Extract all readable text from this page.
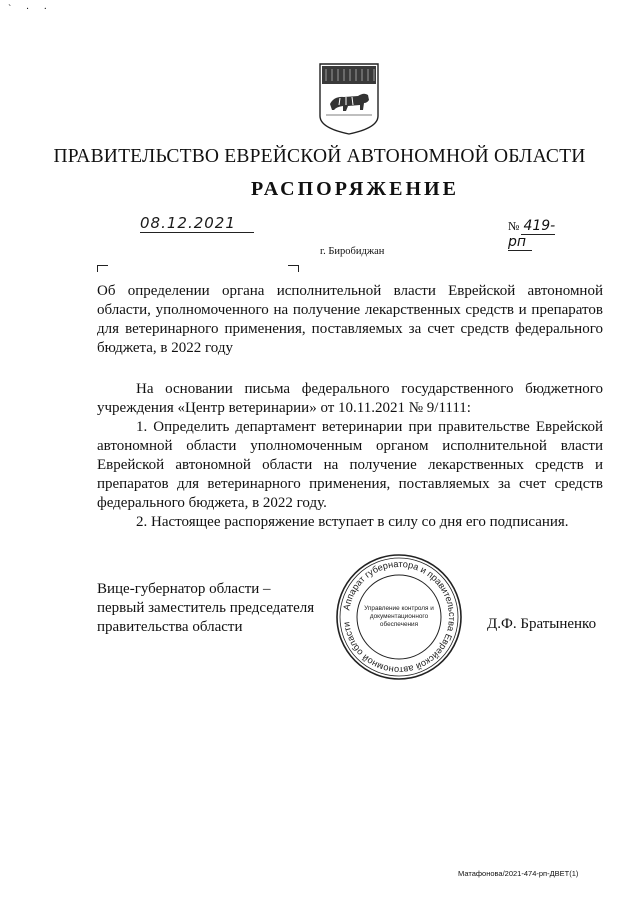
` · ·
ПРАВИТЕЛЬСТВО ЕВРЕЙСКОЙ АВТОНОМНОЙ ОБЛАСТИ
РАСПОРЯЖЕНИЕ
08.12.2021	№ 419-рп
г. Биробиджан
Об определении органа исполнительной власти Еврейской автономной области, уполномоченного на получение лекарственных средств и препаратов для ветеринарного применения, поставляемых за счет средств федерального бюджета, в 2022 году

На основании письма федерального государственного бюджетного учреждения «Центр ветеринарии» от 10.11.2021 № 9/1111:

1. Определить департамент ветеринарии при правительстве Еврейской автономной области уполномоченным органом исполнительной власти Еврейской автономной области на получение лекарственных средств и препаратов для ветеринарного применения, поставляемых за счет средств федерального бюджета, в 2022 году.

2. Настоящее распоряжение вступает в силу со дня его подписания.

Вице-губернатор области –
первый заместитель председателя
правительства области	Д.Ф. Братыненко
Аппарат губернатора и правительства Еврейской автономной области
Управление контроля и
документационного
обеспечения
Матафонова/2021-474-рп-ДВЕТ(1)
